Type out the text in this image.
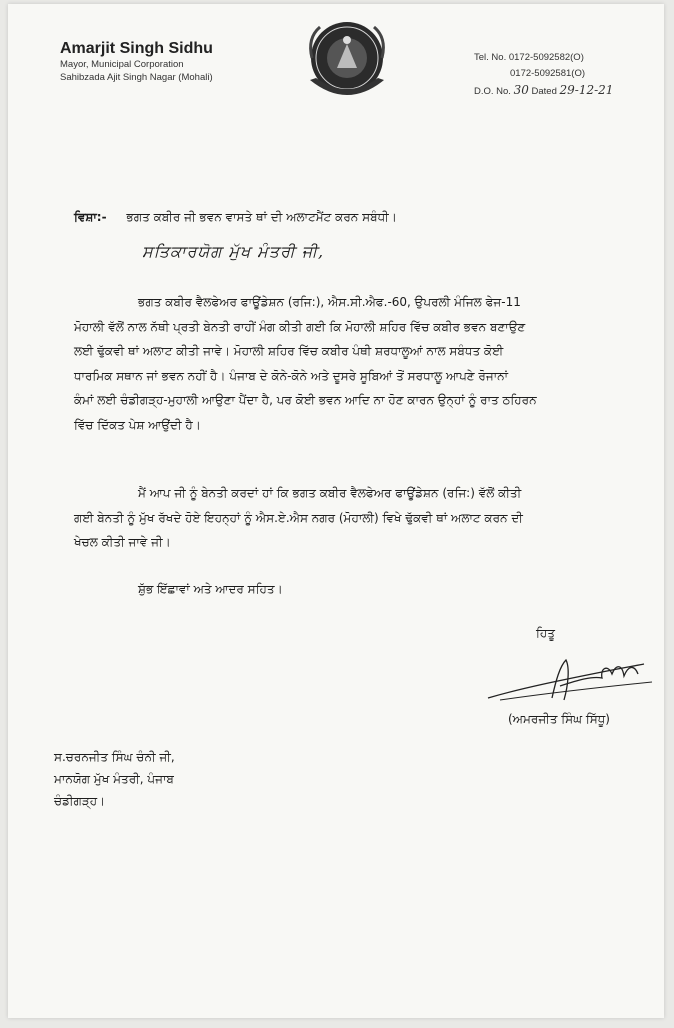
Amarjit Singh Sidhu
Mayor, Municipal Corporation
Sahibzada Ajit Singh Nagar (Mohali)
Tel. No. 0172-5092582(O)
0172-5092581(O)
D.O. No. 30 Dated 29-12-21
ਵਿਸ਼ਾ:- ਭਗਤ ਕਬੀਰ ਜੀ ਭਵਨ ਵਾਸਤੇ ਥਾਂ ਦੀ ਅਲਾਟਮੈਂਟ ਕਰਨ ਸਬੰਧੀ।
ਸਤਿਕਾਰਯੋਗ ਮੁੱਖ ਮੰਤਰੀ ਜੀ,
ਭਗਤ ਕਬੀਰ ਵੈਲਫੇਅਰ ਫਾਊਂਡੇਸ਼ਨ (ਰਜਿ:), ਐਸ.ਸੀ.ਐਫ.-60, ਉਪਰਲੀ ਮੰਜਿਲ ਫੇਜ-11
ਮੋਹਾਲੀ ਵੱਲੋਂ ਨਾਲ ਨੱਥੀ ਪ੍ਰਤੀ ਬੇਨਤੀ ਰਾਹੀਂ ਮੰਗ ਕੀਤੀ ਗਈ ਕਿ ਮੋਹਾਲੀ ਸ਼ਹਿਰ ਵਿੱਚ ਕਬੀਰ ਭਵਨ ਬਣਾਉਣ
ਲਈ ਢੁੱਕਵੀ ਥਾਂ ਅਲਾਟ ਕੀਤੀ ਜਾਵੇ। ਮੋਹਾਲੀ ਸ਼ਹਿਰ ਵਿੱਚ ਕਬੀਰ ਪੰਥੀ ਸ਼ਰਧਾਲੂਆਂ ਨਾਲ ਸਬੰਧਤ ਕੋਈ
ਧਾਰਮਿਕ ਸਥਾਨ ਜਾਂ ਭਵਨ ਨਹੀਂ ਹੈ। ਪੰਜਾਬ ਦੇ ਕੋਨੇ-ਕੋਨੇ ਅਤੇ ਦੂਸਰੇ ਸੂਬਿਆਂ ਤੋਂ ਸਰਧਾਲੂ ਆਪਣੇ ਰੋਜਾਨਾਂ
ਕੰਮਾਂ ਲਈ ਚੰਡੀਗੜ੍ਹ-ਮੁਹਾਲੀ ਆਉਣਾ ਪੈਂਦਾ ਹੈ, ਪਰ ਕੋਈ ਭਵਨ ਆਦਿ ਨਾ ਹੋਣ ਕਾਰਨ ਉਨ੍ਹਾਂ ਨੂੰ ਰਾਤ ਠਹਿਰਨ
ਵਿੱਚ ਦਿੱਕਤ ਪੇਸ਼ ਆਉਂਦੀ ਹੈ।
ਮੈਂ ਆਪ ਜੀ ਨੂੰ ਬੇਨਤੀ ਕਰਦਾਂ ਹਾਂ ਕਿ ਭਗਤ ਕਬੀਰ ਵੈਲਫੇਅਰ ਫਾਊਂਡੇਸ਼ਨ (ਰਜਿ:) ਵੱਲੋਂ ਕੀਤੀ
ਗਈ ਬੇਨਤੀ ਨੂੰ ਮੁੱਖ ਰੱਖਦੇ ਹੋਏ ਇਹਨ੍ਹਾਂ ਨੂੰ ਐਸ.ਏ.ਐਸ ਨਗਰ (ਮੋਹਾਲੀ) ਵਿਖੇ ਢੁੱਕਵੀ ਥਾਂ ਅਲਾਟ ਕਰਨ ਦੀ
ਖੇਚਲ ਕੀਤੀ ਜਾਵੇ ਜੀ।
ਸ਼ੁੱਭ ਇੱਛਾਵਾਂ ਅਤੇ ਆਦਰ ਸਹਿਤ।
ਹਿਤੂ
(ਅਮਰਜੀਤ ਸਿੰਘ ਸਿੱਧੂ)
ਸ.ਚਰਨਜੀਤ ਸਿੰਘ ਚੰਨੀ ਜੀ,
ਮਾਨਯੋਗ ਮੁੱਖ ਮੰਤਰੀ, ਪੰਜਾਬ
ਚੰਡੀਗੜ੍ਹ।
